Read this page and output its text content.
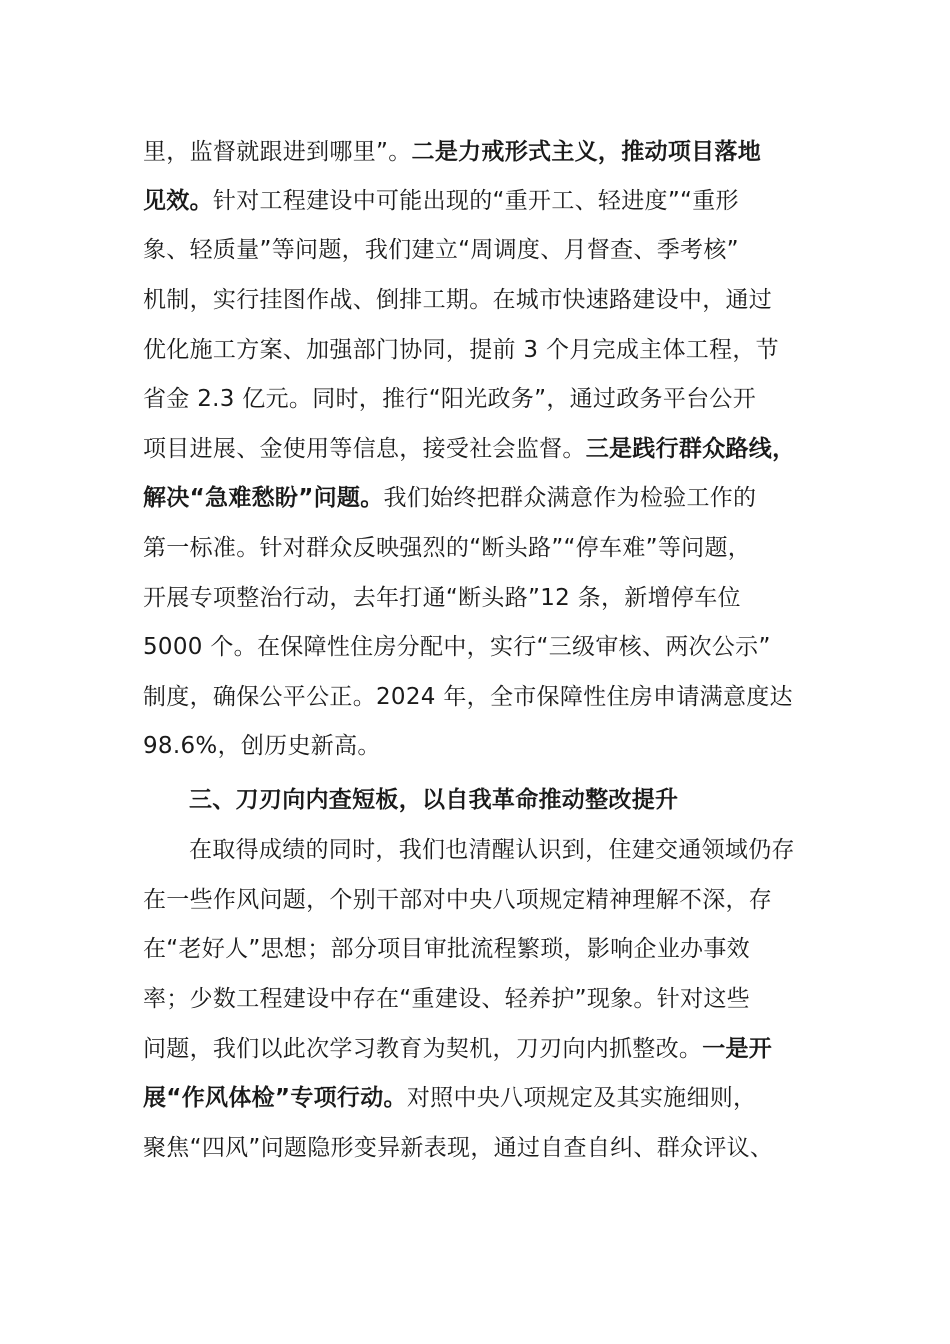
里，监督就跟进到哪里”。二是力戒形式主义，推动项目落地
见效。针对工程建设中可能出现的“重开工、轻进度”“重形
象、轻质量”等问题，我们建立“周调度、月督查、季考核”
机制，实行挂图作战、倒排工期。在城市快速路建设中，通过
优化施工方案、加强部门协同，提前 3 个月完成主体工程，节
省金 2.3 亿元。同时，推行“阳光政务”，通过政务平台公开
项目进展、金使用等信息，接受社会监督。三是践行群众路线，
解决“急难愁盼”问题。我们始终把群众满意作为检验工作的
第一标准。针对群众反映强烈的“断头路”“停车难”等问题，
开展专项整治行动，去年打通“断头路”12 条，新增停车位
5000 个。在保障性住房分配中，实行“三级审核、两次公示”
制度，确保公平公正。2024 年，全市保障性住房申请满意度达
98.6%，创历史新高。
三、刀刃向内查短板，以自我革命推动整改提升
在取得成绩的同时，我们也清醒认识到，住建交通领域仍存
在一些作风问题，个别干部对中央八项规定精神理解不深，存
在“老好人”思想；部分项目审批流程繁琐，影响企业办事效
率；少数工程建设中存在“重建设、轻养护”现象。针对这些
问题，我们以此次学习教育为契机，刀刃向内抓整改。一是开
展“作风体检”专项行动。对照中央八项规定及其实施细则，
聚焦“四风”问题隐形变异新表现，通过自查自纠、群众评议、
